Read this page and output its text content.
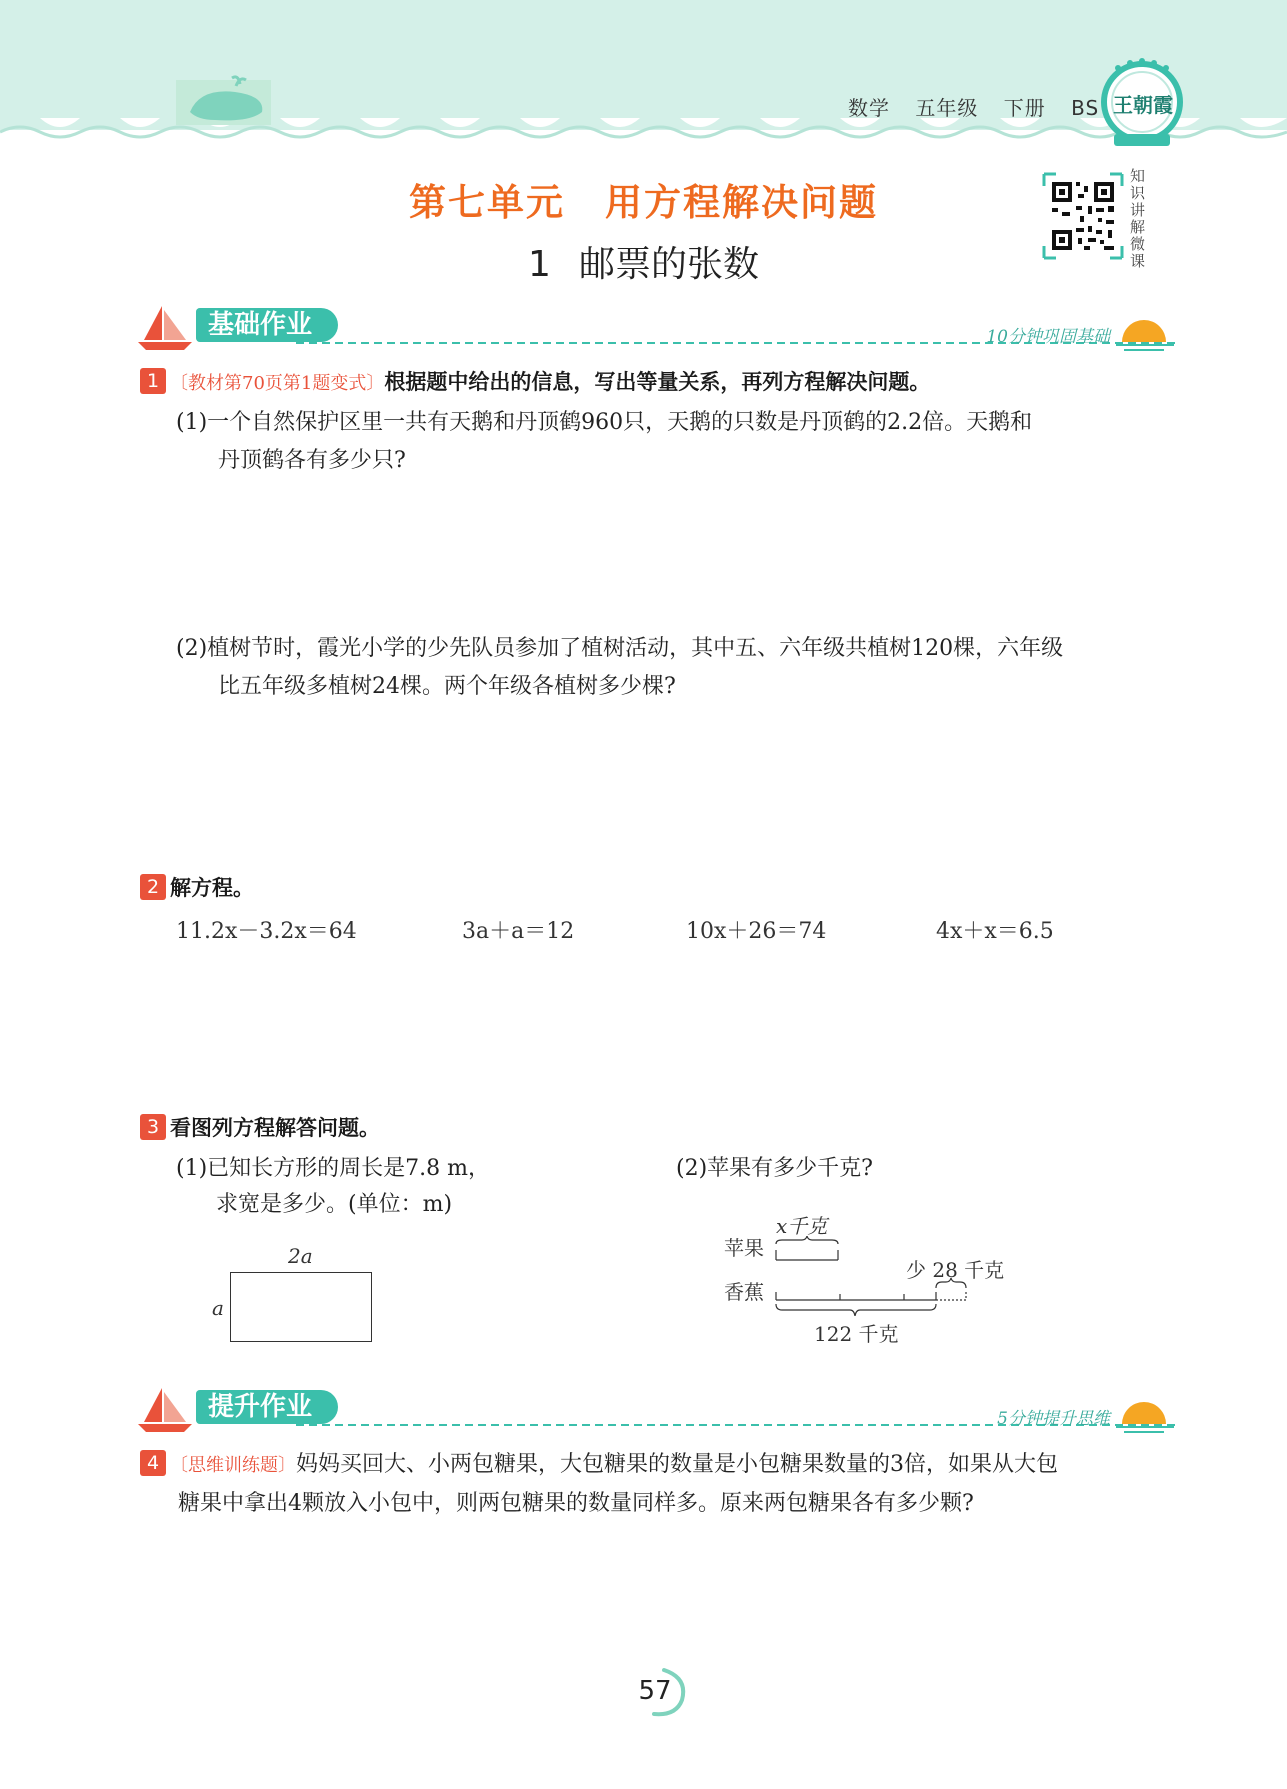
数学 五年级 下册 BS 王朝霞
第七单元 用方程解决问题
1 邮票的张数
知识讲解微课
基础作业	10分钟巩固基础
1 〔教材第70页第1题变式〕根据题中给出的信息，写出等量关系，再列方程解决问题。
(1)一个自然保护区里一共有天鹅和丹顶鹤960只，天鹅的只数是丹顶鹤的2.2倍。天鹅和
丹顶鹤各有多少只?
(2)植树节时，霞光小学的少先队员参加了植树活动，其中五、六年级共植树120棵，六年级
比五年级多植树24棵。两个年级各植树多少棵?
2 解方程。
11.2x－3.2x＝64	3a＋a＝12	10x＋26＝74	4x＋x＝6.5
3 看图列方程解答问题。
(1)已知长方形的周长是7.8 m，
求宽是多少。(单位：m)
2a
a
(2)苹果有多少千克?
苹果
x千克
香蕉
少 28 千克
122 千克
提升作业	5分钟提升思维
4 〔思维训练题〕妈妈买回大、小两包糖果，大包糖果的数量是小包糖果数量的3倍，如果从大包
糖果中拿出4颗放入小包中，则两包糖果的数量同样多。原来两包糖果各有多少颗?
57
